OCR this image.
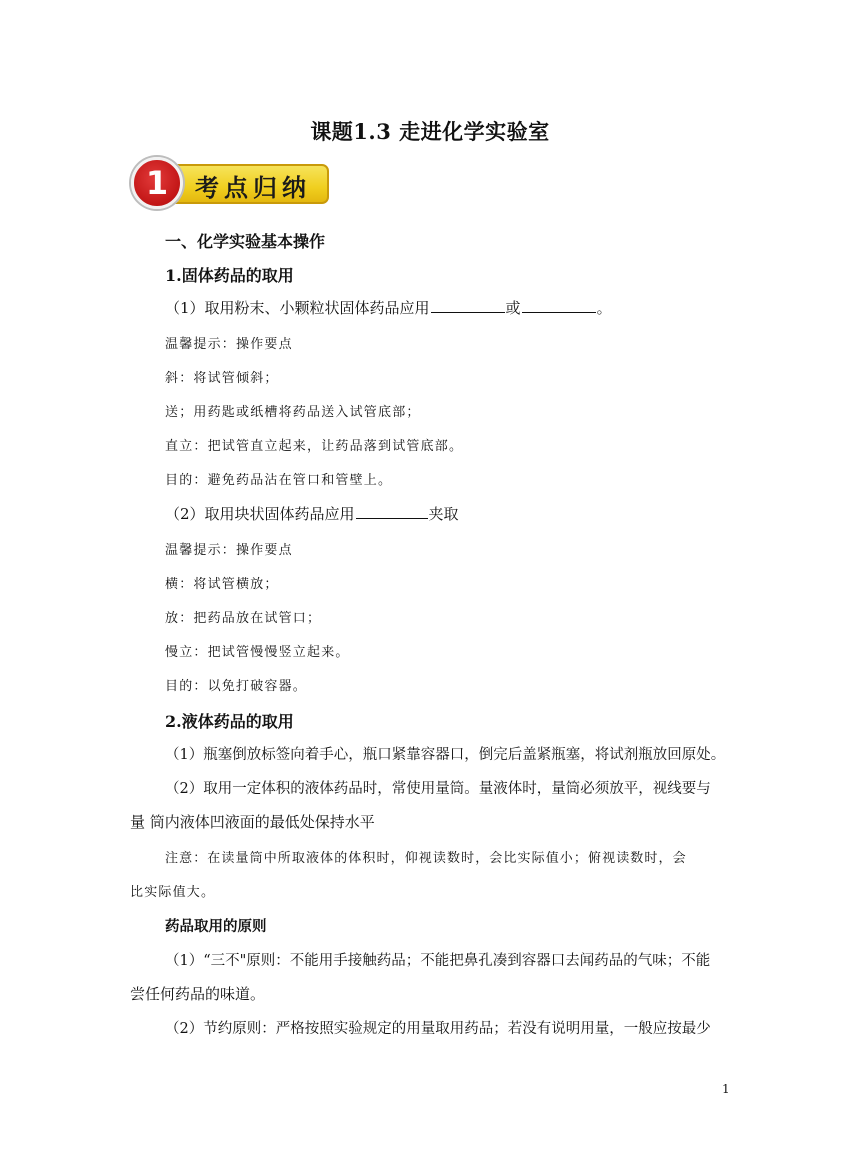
课题1.3 走进化学实验室
1	考点归纳
一、化学实验基本操作
1.固体药品的取用
（1）取用粉末、小颗粒状固体药品应用	或	。
温馨提示：操作要点
斜：将试管倾斜；
送；用药匙或纸槽将药品送入试管底部；
直立：把试管直立起来，让药品落到试管底部。
目的：避免药品沾在管口和管壁上。
（2）取用块状固体药品应用	夹取
温馨提示：操作要点
横：将试管横放；
放：把药品放在试管口；
慢立：把试管慢慢竖立起来。
目的：以免打破容器。
2.液体药品的取用
（1）瓶塞倒放标签向着手心，瓶口紧靠容器口，倒完后盖紧瓶塞，将试剂瓶放回原处。
（2）取用一定体积的液体药品时，常使用量筒。量液体时，量筒必须放平，视线要与
量 筒内液体凹液面的最低处保持水平
注意：在读量筒中所取液体的体积时，仰视读数时，会比实际值小；俯视读数时，会
比实际值大。
药品取用的原则
（1）“三不"原则：不能用手接触药品；不能把鼻孔凑到容器口去闻药品的气味；不能
尝任何药品的味道。
（2）节约原则：严格按照实验规定的用量取用药品；若没有说明用量，一般应按最少
1
